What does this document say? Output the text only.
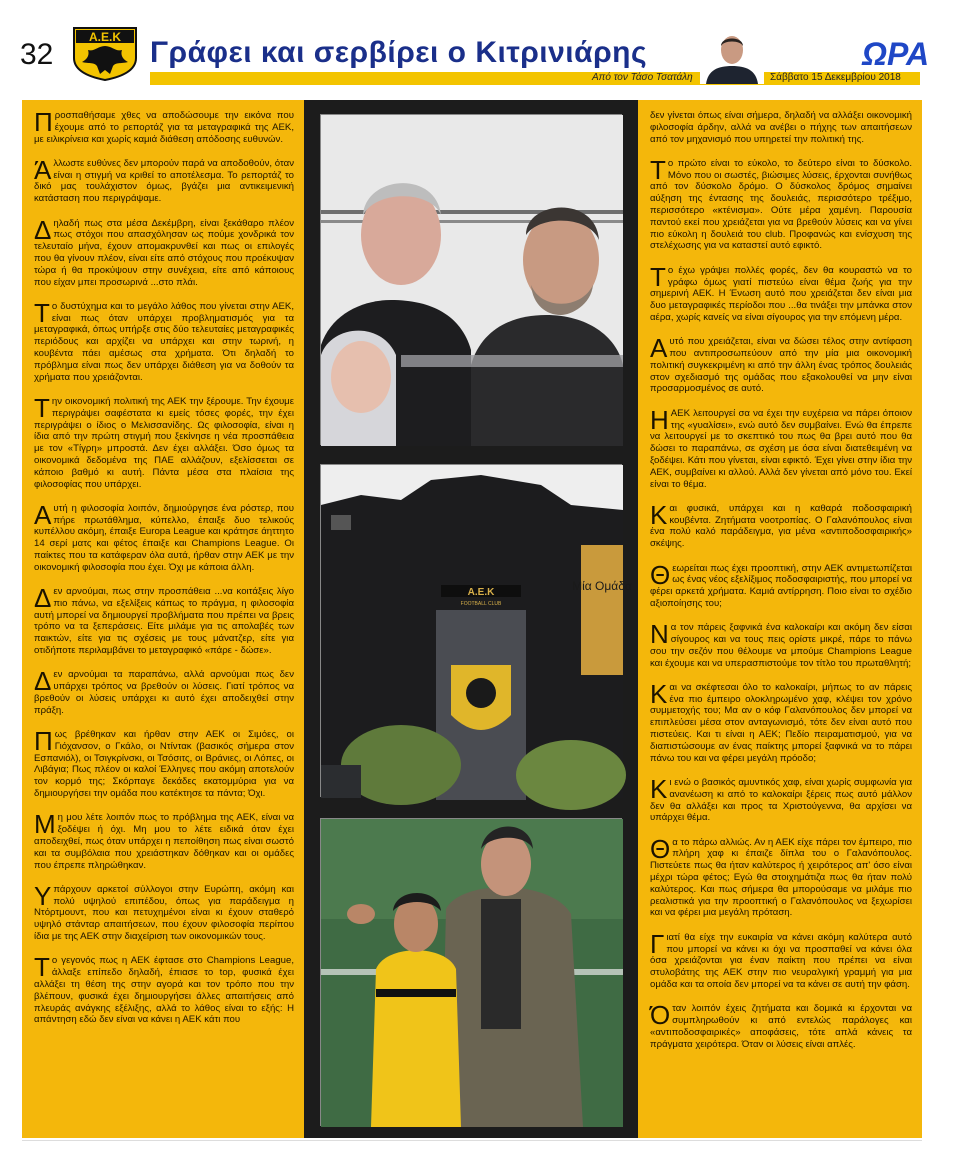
32
Α.Ε.Κ Γράφει και σερβίρει ο Κιτρινιάρης	ΩΡΑ
Από τον Τάσο Τσατάλη	Σάββατο 15 Δεκεμβρίου 2018

Προσπαθήσαμε χθες να αποδώσουμε την εικόνα που έχουμε από το ρεπορτάζ για τα μεταγραφικά της ΑΕΚ, με ειλικρίνεια και χωρίς καμιά διάθεση απόδοσης ευθυνών.

Άλλωστε ευθύνες δεν μπορούν παρά να αποδοθούν, όταν είναι η στιγμή να κριθεί το αποτέλεσμα. Το ρεπορτάζ το δικό μας τουλάχιστον όμως, βγάζει μια αντικειμενική κατάσταση που περιγράψαμε.

Δηλαδή πως στα μέσα Δεκέμβρη, είναι ξεκάθαρο πλέον πως στόχοι που απασχόλησαν ως πούμε χονδρικά τον τελευταίο μήνα, έχουν απομακρυνθεί και πως οι επιλογές που θα γίνουν πλέον, είναι είτε από στόχους που προέκυψαν τώρα ή θα προκύψουν στην συνέχεια, είτε από κάποιους που είχαν μπει προσωρινά ...στο πλάι.

Το δυστύχημα και το μεγάλο λάθος που γίνεται στην ΑΕΚ, είναι πως όταν υπάρχει προβληματισμός για τα μεταγραφικά, όπως υπήρξε στις δύο τελευταίες μεταγραφικές περιόδους και αρχίζει να υπάρχει και στην τωρινή, η κουβέντα πάει αμέσως στα χρήματα. Ότι δηλαδή το πρόβλημα είναι πως δεν υπάρχει διάθεση για να δοθούν τα χρήματα που χρειάζονται.

Την οικονομική πολιτική της ΑΕΚ την ξέρουμε. Την έχουμε περιγράψει σαφέστατα κι εμείς τόσες φορές, την έχει περιγράψει ο ίδιος ο Μελισσανίδης. Ως φιλοσοφία, είναι η ίδια από την πρώτη στιγμή που ξεκίνησε η νέα προσπάθεια με τον «Τίγρη» μπροστά. Δεν έχει αλλάξει. Όσο όμως τα οικονομικά δεδομένα της ΠΑΕ αλλάζουν, εξελίσσεται σε κάποιο βαθμό κι αυτή. Πάντα μέσα στα πλαίσια της φιλοσοφίας που υπάρχει.

Αυτή η φιλοσοφία λοιπόν, δημιούργησε ένα ρόστερ, που πήρε πρωτάθλημα, κύπελλο, έπαιξε δυο τελικούς κυπέλλου ακόμη, έπαιξε Europa League και κράτησε άηττητο 14 σερί ματς και φέτος έπαιξε και Champions League. Οι παίκτες που τα κατάφεραν όλα αυτά, ήρθαν στην ΑΕΚ με την οικονομική φιλοσοφία που έχει. Όχι με κάποια άλλη.

Δεν αρνούμαι, πως στην προσπάθεια ...να κοιτάξεις λίγο πιο πάνω, να εξελίξεις κάπως το πράγμα, η φιλοσοφία αυτή μπορεί να δημιουργεί προβλήματα που πρέπει να βρεις τρόπο να τα ξεπεράσεις. Είτε μιλάμε για τις απολαβές των παικτών, είτε για τις σχέσεις με τους μάνατζερ, είτε για οτιδήποτε περιλαμβάνει το μεταγραφικό «πάρε - δώσε».

Δεν αρνούμαι τα παραπάνω, αλλά αρνούμαι πως δεν υπάρχει τρόπος να βρεθούν οι λύσεις. Γιατί τρόπος να βρεθούν οι λύσεις υπάρχει κι αυτό έχει αποδειχθεί στην πράξη.

Πως βρέθηκαν και ήρθαν στην ΑΕΚ οι Σιμόες, οι Γιόχανσον, ο Γκάλο, οι Ντίντακ (βασικός σήμερα στον Εσπανιόλ), οι Τσιγκρίνσκι, οι Τσόσιτς, οι Βράνιες, οι Λόπες, οι Λιβάγια; Πως πλέον οι καλοί Έλληνες που ακόμη αποτελούν τον κορμό της; Σκόρπαγε δεκάδες εκατομμύρια για να δημιουργήσει την ομάδα που κατέκτησε τα πάντα; Όχι.

Μη μου λέτε λοιπόν πως το πρόβλημα της ΑΕΚ, είναι να ξοδέψει ή όχι. Μη μου το λέτε ειδικά όταν έχει αποδειχθεί, πως όταν υπάρχει η πεποίθηση πως είναι σωστό και τα συμβόλαια που χρειάστηκαν δόθηκαν και οι ομάδες που έπρεπε πληρώθηκαν.

Υπάρχουν αρκετοί σύλλογοι στην Ευρώπη, ακόμη και πολύ υψηλού επιπέδου, όπως για παράδειγμα η Ντόρτμουντ, που και πετυχημένοι είναι κι έχουν σταθερό υψηλό στάνταρ απαιτήσεων, που έχουν φιλοσοφία περίπου ίδια με της ΑΕΚ στην διαχείριση των οικονομικών τους.

Το γεγονός πως η ΑΕΚ έφτασε στο Champions League, άλλαξε επίπεδο δηλαδή, έπιασε το top, φυσικά έχει αλλάξει τη θέση της στην αγορά και τον τρόπο που την βλέπουν, φυσικά έχει δημιουργήσει άλλες απαιτήσεις από πλευράς ανάγκης εξέλιξης, αλλά το λάθος είναι το εξής: Η απάντηση εδώ δεν είναι να κάνει η ΑΕΚ κάτι που

Μία Ομάδα
Α.Ε.Κ
FOOTBALL CLUB

δεν γίνεται όπως είναι σήμερα, δηλαδή να αλλάξει οικονομική φιλοσοφία άρδην, αλλά να ανέβει ο πήχης των απαιτήσεων από τον μηχανισμό που υπηρετεί την πολιτική της.

Το πρώτο είναι το εύκολο, το δεύτερο είναι το δύσκολο. Μόνο που οι σωστές, βιώσιμες λύσεις, έρχονται συνήθως από τον δύσκολο δρόμο. Ο δύσκολος δρόμος σημαίνει αύξηση της έντασης της δουλειάς, περισσότερο τρέξιμο, περισσότερο «κτένισμα». Ούτε μέρα χαμένη. Παρουσία παντού εκεί που χρειάζεται για να βρεθούν λύσεις και να γίνει πιο εύκολη η δουλειά του club. Προφανώς και ενίσχυση της στελέχωσης για να καταστεί αυτό εφικτό.

Το έχω γράψει πολλές φορές, δεν θα κουραστώ να το γράφω όμως γιατί πιστεύω είναι θέμα ζωής για την σημερινή ΑΕΚ. Η Ένωση αυτό που χρειάζεται δεν είναι μια δυο μεταγραφικές περίοδοι που ...θα τινάξει την μπάνκα στον αέρα, χωρίς κανείς να είναι σίγουρος για την επόμενη μέρα.

Αυτό που χρειάζεται, είναι να δώσει τέλος στην αντίφαση που αντιπροσωπεύουν από την μία μια οικονομική πολιτική συγκεκριμένη κι από την άλλη ένας τρόπος δουλειάς στον σχεδιασμό της ομάδας που εξακολουθεί να μην είναι προσαρμοσμένος σε αυτό.

Η ΑΕΚ λειτουργεί σα να έχει την ευχέρεια να πάρει όποιον της «γυαλίσει», ενώ αυτό δεν συμβαίνει. Ενώ θα έπρεπε να λειτουργεί με το σκεπτικό του πως θα βρει αυτό που θα δώσει το παραπάνω, σε σχέση με όσα είναι διατεθειμένη να ξοδέψει. Κάτι που γίνεται, είναι εφικτό. Έχει γίνει στην ίδια την ΑΕΚ, συμβαίνει κι αλλού. Αλλά δεν γίνεται από μόνο του. Εκεί είναι το θέμα.

Και φυσικά, υπάρχει και η καθαρά ποδοσφαιρική κουβέντα. Ζητήματα νοοτροπίας. Ο Γαλανόπουλος είναι ένα πολύ καλό παράδειγμα, για μένα «αντιποδοσφαιρικής» σκέψης.

Θεωρείται πως έχει προοπτική, στην ΑΕΚ αντιμετωπίζεται ως ένας νέος εξελίξιμος ποδοσφαιριστής, που μπορεί να φέρει αρκετά χρήματα. Καμιά αντίρρηση. Ποιο είναι το σχέδιο αξιοποίησης του;

Να τον πάρεις ξαφνικά ένα καλοκαίρι και ακόμη δεν είσαι σίγουρος και να τους πεις ορίστε μικρέ, πάρε το πάνω σου την σεζόν που θέλουμε να μπούμε Champions League και έχουμε και να υπερασπιστούμε τον τίτλο του πρωταθλητή;

Και να σκέφτεσαι όλο το καλοκαίρι, μήπως το αν πάρεις ένα πιο έμπειρο ολοκληρωμένο χαφ, κλέψει τον χρόνο συμμετοχής του; Μα αν ο κόφ Γαλανόπουλος δεν μπορεί να επιπλεύσει μέσα στον ανταγωνισμό, τότε δεν είναι αυτό που πιστεύεις. Και τι είναι η ΑΕΚ; Πεδίο πειραματισμού, για να διαπιστώσουμε αν ένας παίκτης μπορεί ξαφνικά να το πάρει πάνω του και να φέρει μεγάλη πρόοδο;

Κι ενώ ο βασικός αμυντικός χαφ, είναι χωρίς συμφωνία για ανανέωση κι από το καλοκαίρι ξέρεις πως αυτό μάλλον δεν θα αλλάξει και προς τα Χριστούγεννα, θα αρχίσει να υπάρχει θέμα.

Θα το πάρω αλλιώς. Αν η ΑΕΚ είχε πάρει τον έμπειρο, πιο πλήρη χαφ κι έπαιζε δίπλα του ο Γαλανόπουλος. Πιστεύετε πως θα ήταν καλύτερος ή χειρότερος απ' όσο είναι μέχρι τώρα φέτος; Εγώ θα στοιχημάτιζα πως θα ήταν πολύ καλύτερος. Και πως σήμερα θα μπορούσαμε να μιλάμε πιο ρεαλιστικά για την προοπτική ο Γαλανόπουλος να ξεχωρίσει και να φέρει μια μεγάλη πρόταση.

Γιατί θα είχε την ευκαιρία να κάνει ακόμη καλύτερα αυτό που μπορεί να κάνει κι όχι να προσπαθεί να κάνει όλα όσα χρειάζονται για έναν παίκτη που πρέπει να είναι στυλοβάτης της ΑΕΚ στην πιο νευραλγική γραμμή για μια ομάδα και τα οποία δεν μπορεί να τα κάνει σε αυτή την φάση.

Όταν λοιπόν έχεις ζητήματα και δομικά κι έρχονται να συμπληρωθούν κι από εντελώς παράλογες και «αντιποδοσφαιρικές» αποφάσεις, τότε απλά κάνεις τα πράγματα χειρότερα. Όταν οι λύσεις είναι απλές.
